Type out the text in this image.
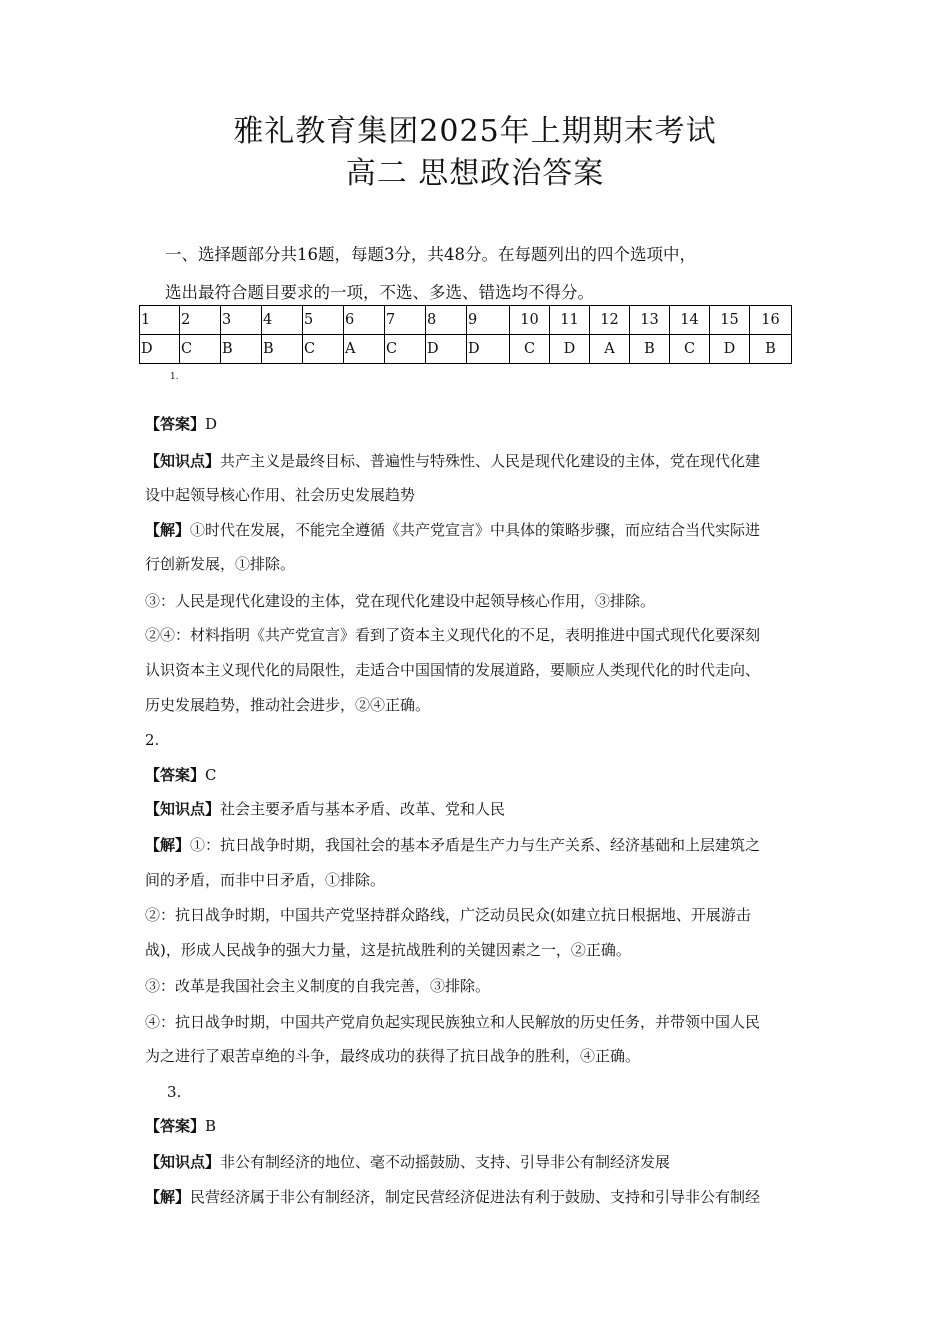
雅礼教育集团2025年上期期末考试
高二 思想政治答案
一、选择题部分共16题，每题3分，共48分。在每题列出的四个选项中，
选出最符合题目要求的一项，不选、多选、错选均不得分。
1	2	3	4	5	6	7	8	9	10	11	12	13	14	15	16
D	C	B	B	C	A	C	D	D	C	D	A	B	C	D	B
1.
【答案】D
【知识点】共产主义是最终目标、普遍性与特殊性、人民是现代化建设的主体，党在现代化建
设中起领导核心作用、社会历史发展趋势
【解】①时代在发展，不能完全遵循《共产党宣言》中具体的策略步骤，而应结合当代实际进
行创新发展，①排除。
③：人民是现代化建设的主体，党在现代化建设中起领导核心作用，③排除。
②④：材料指明《共产党宣言》看到了资本主义现代化的不足，表明推进中国式现代化要深刻
认识资本主义现代化的局限性，走适合中国国情的发展道路，要顺应人类现代化的时代走向、
历史发展趋势，推动社会进步，②④正确。
2.
【答案】C
【知识点】社会主要矛盾与基本矛盾、改革、党和人民
【解】①：抗日战争时期，我国社会的基本矛盾是生产力与生产关系、经济基础和上层建筑之
间的矛盾，而非中日矛盾，①排除。
②：抗日战争时期，中国共产党坚持群众路线，广泛动员民众(如建立抗日根据地、开展游击
战)，形成人民战争的强大力量，这是抗战胜利的关键因素之一，②正确。
③：改革是我国社会主义制度的自我完善，③排除。
④：抗日战争时期，中国共产党肩负起实现民族独立和人民解放的历史任务，并带领中国人民
为之进行了艰苦卓绝的斗争，最终成功的获得了抗日战争的胜利，④正确。
3.
【答案】B
【知识点】非公有制经济的地位、毫不动摇鼓励、支持、引导非公有制经济发展
【解】民营经济属于非公有制经济，制定民营经济促进法有利于鼓励、支持和引导非公有制经
